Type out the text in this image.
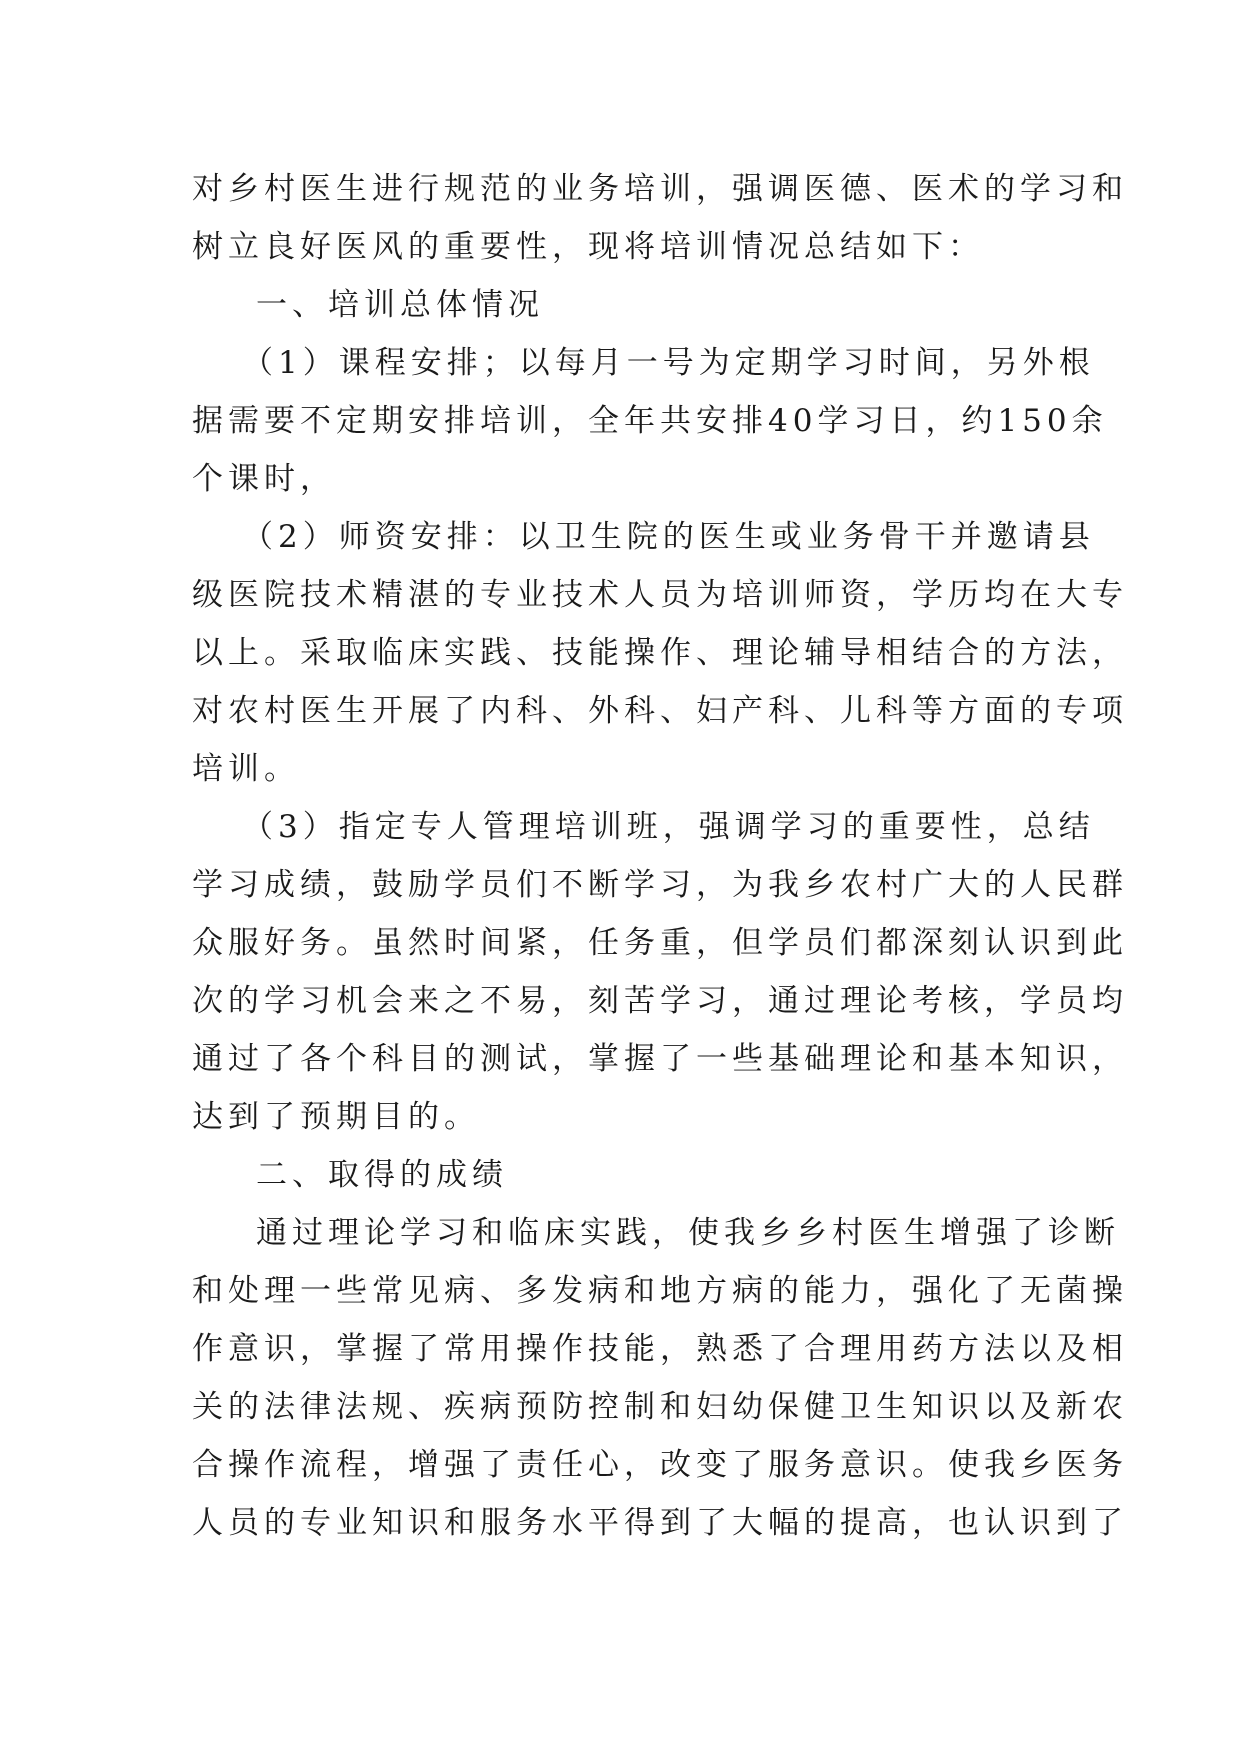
对乡村医生进行规范的业务培训，强调医德、医术的学习和
树立良好医风的重要性，现将培训情况总结如下：
一、培训总体情况
（1）课程安排；以每月一号为定期学习时间，另外根
据需要不定期安排培训，全年共安排40学习日，约150余
个课时，
（2）师资安排：以卫生院的医生或业务骨干并邀请县
级医院技术精湛的专业技术人员为培训师资，学历均在大专
以上。采取临床实践、技能操作、理论辅导相结合的方法，
对农村医生开展了内科、外科、妇产科、儿科等方面的专项
培训。
（3）指定专人管理培训班，强调学习的重要性，总结
学习成绩，鼓励学员们不断学习，为我乡农村广大的人民群
众服好务。虽然时间紧，任务重，但学员们都深刻认识到此
次的学习机会来之不易，刻苦学习，通过理论考核，学员均
通过了各个科目的测试，掌握了一些基础理论和基本知识，
达到了预期目的。
二、取得的成绩
通过理论学习和临床实践，使我乡乡村医生增强了诊断
和处理一些常见病、多发病和地方病的能力，强化了无菌操
作意识，掌握了常用操作技能，熟悉了合理用药方法以及相
关的法律法规、疾病预防控制和妇幼保健卫生知识以及新农
合操作流程，增强了责任心，改变了服务意识。使我乡医务
人员的专业知识和服务水平得到了大幅的提高，也认识到了
